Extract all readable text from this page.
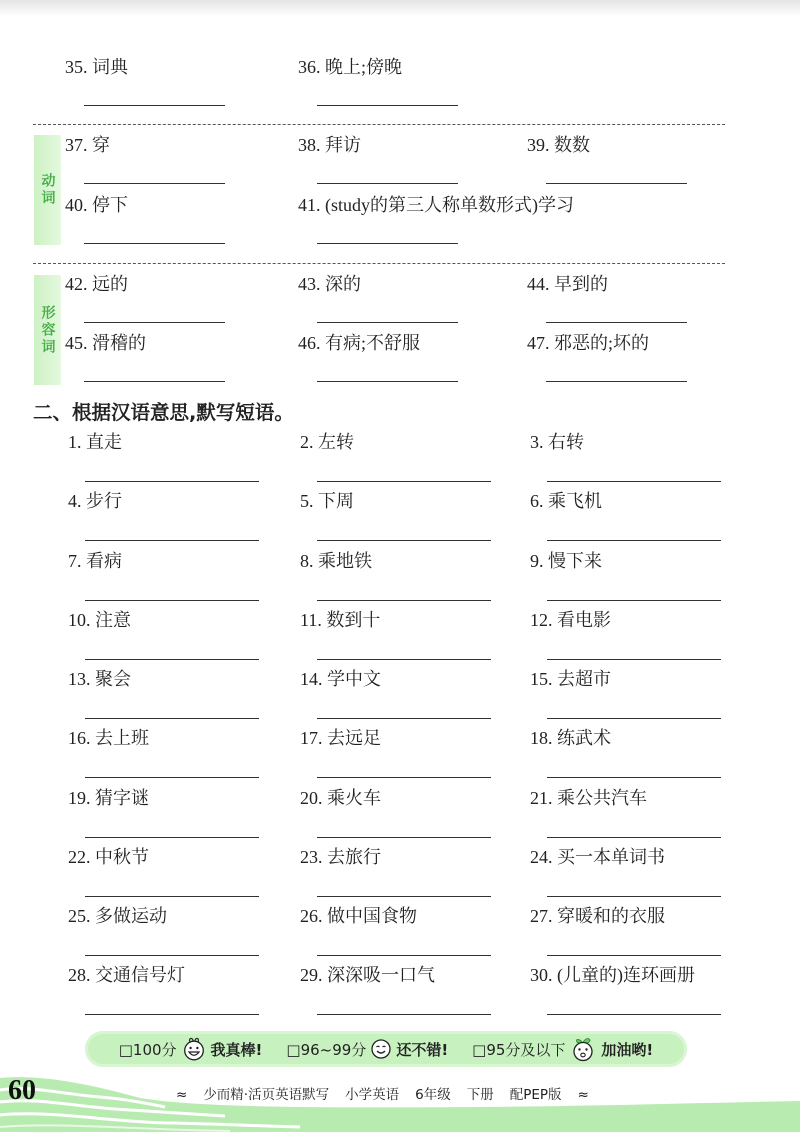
35. 词典	36. 晚上;傍晚
动词
37. 穿	38. 拜访	39. 数数
40. 停下	41. (study的第三人称单数形式)学习
形容词
42. 远的	43. 深的	44. 早到的
45. 滑稽的	46. 有病;不舒服	47. 邪恶的;坏的
二、根据汉语意思,默写短语。
1. 直走	2. 左转	3. 右转
4. 步行	5. 下周	6. 乘飞机
7. 看病	8. 乘地铁	9. 慢下来
10. 注意	11. 数到十	12. 看电影
13. 聚会	14. 学中文	15. 去超市
16. 去上班	17. 去远足	18. 练武术
19. 猜字谜	20. 乘火车	21. 乘公共汽车
22. 中秋节	23. 去旅行	24. 买一本单词书
25. 多做运动	26. 做中国食物	27. 穿暖和的衣服
28. 交通信号灯	29. 深深吸一口气	30. (儿童的)连环画册
□100分 我真棒! □96~99分 还不错! □95分及以下 加油哟!
60	≈ 少而精·活页英语默写 小学英语 6年级 下册 配PEP版 ≈
